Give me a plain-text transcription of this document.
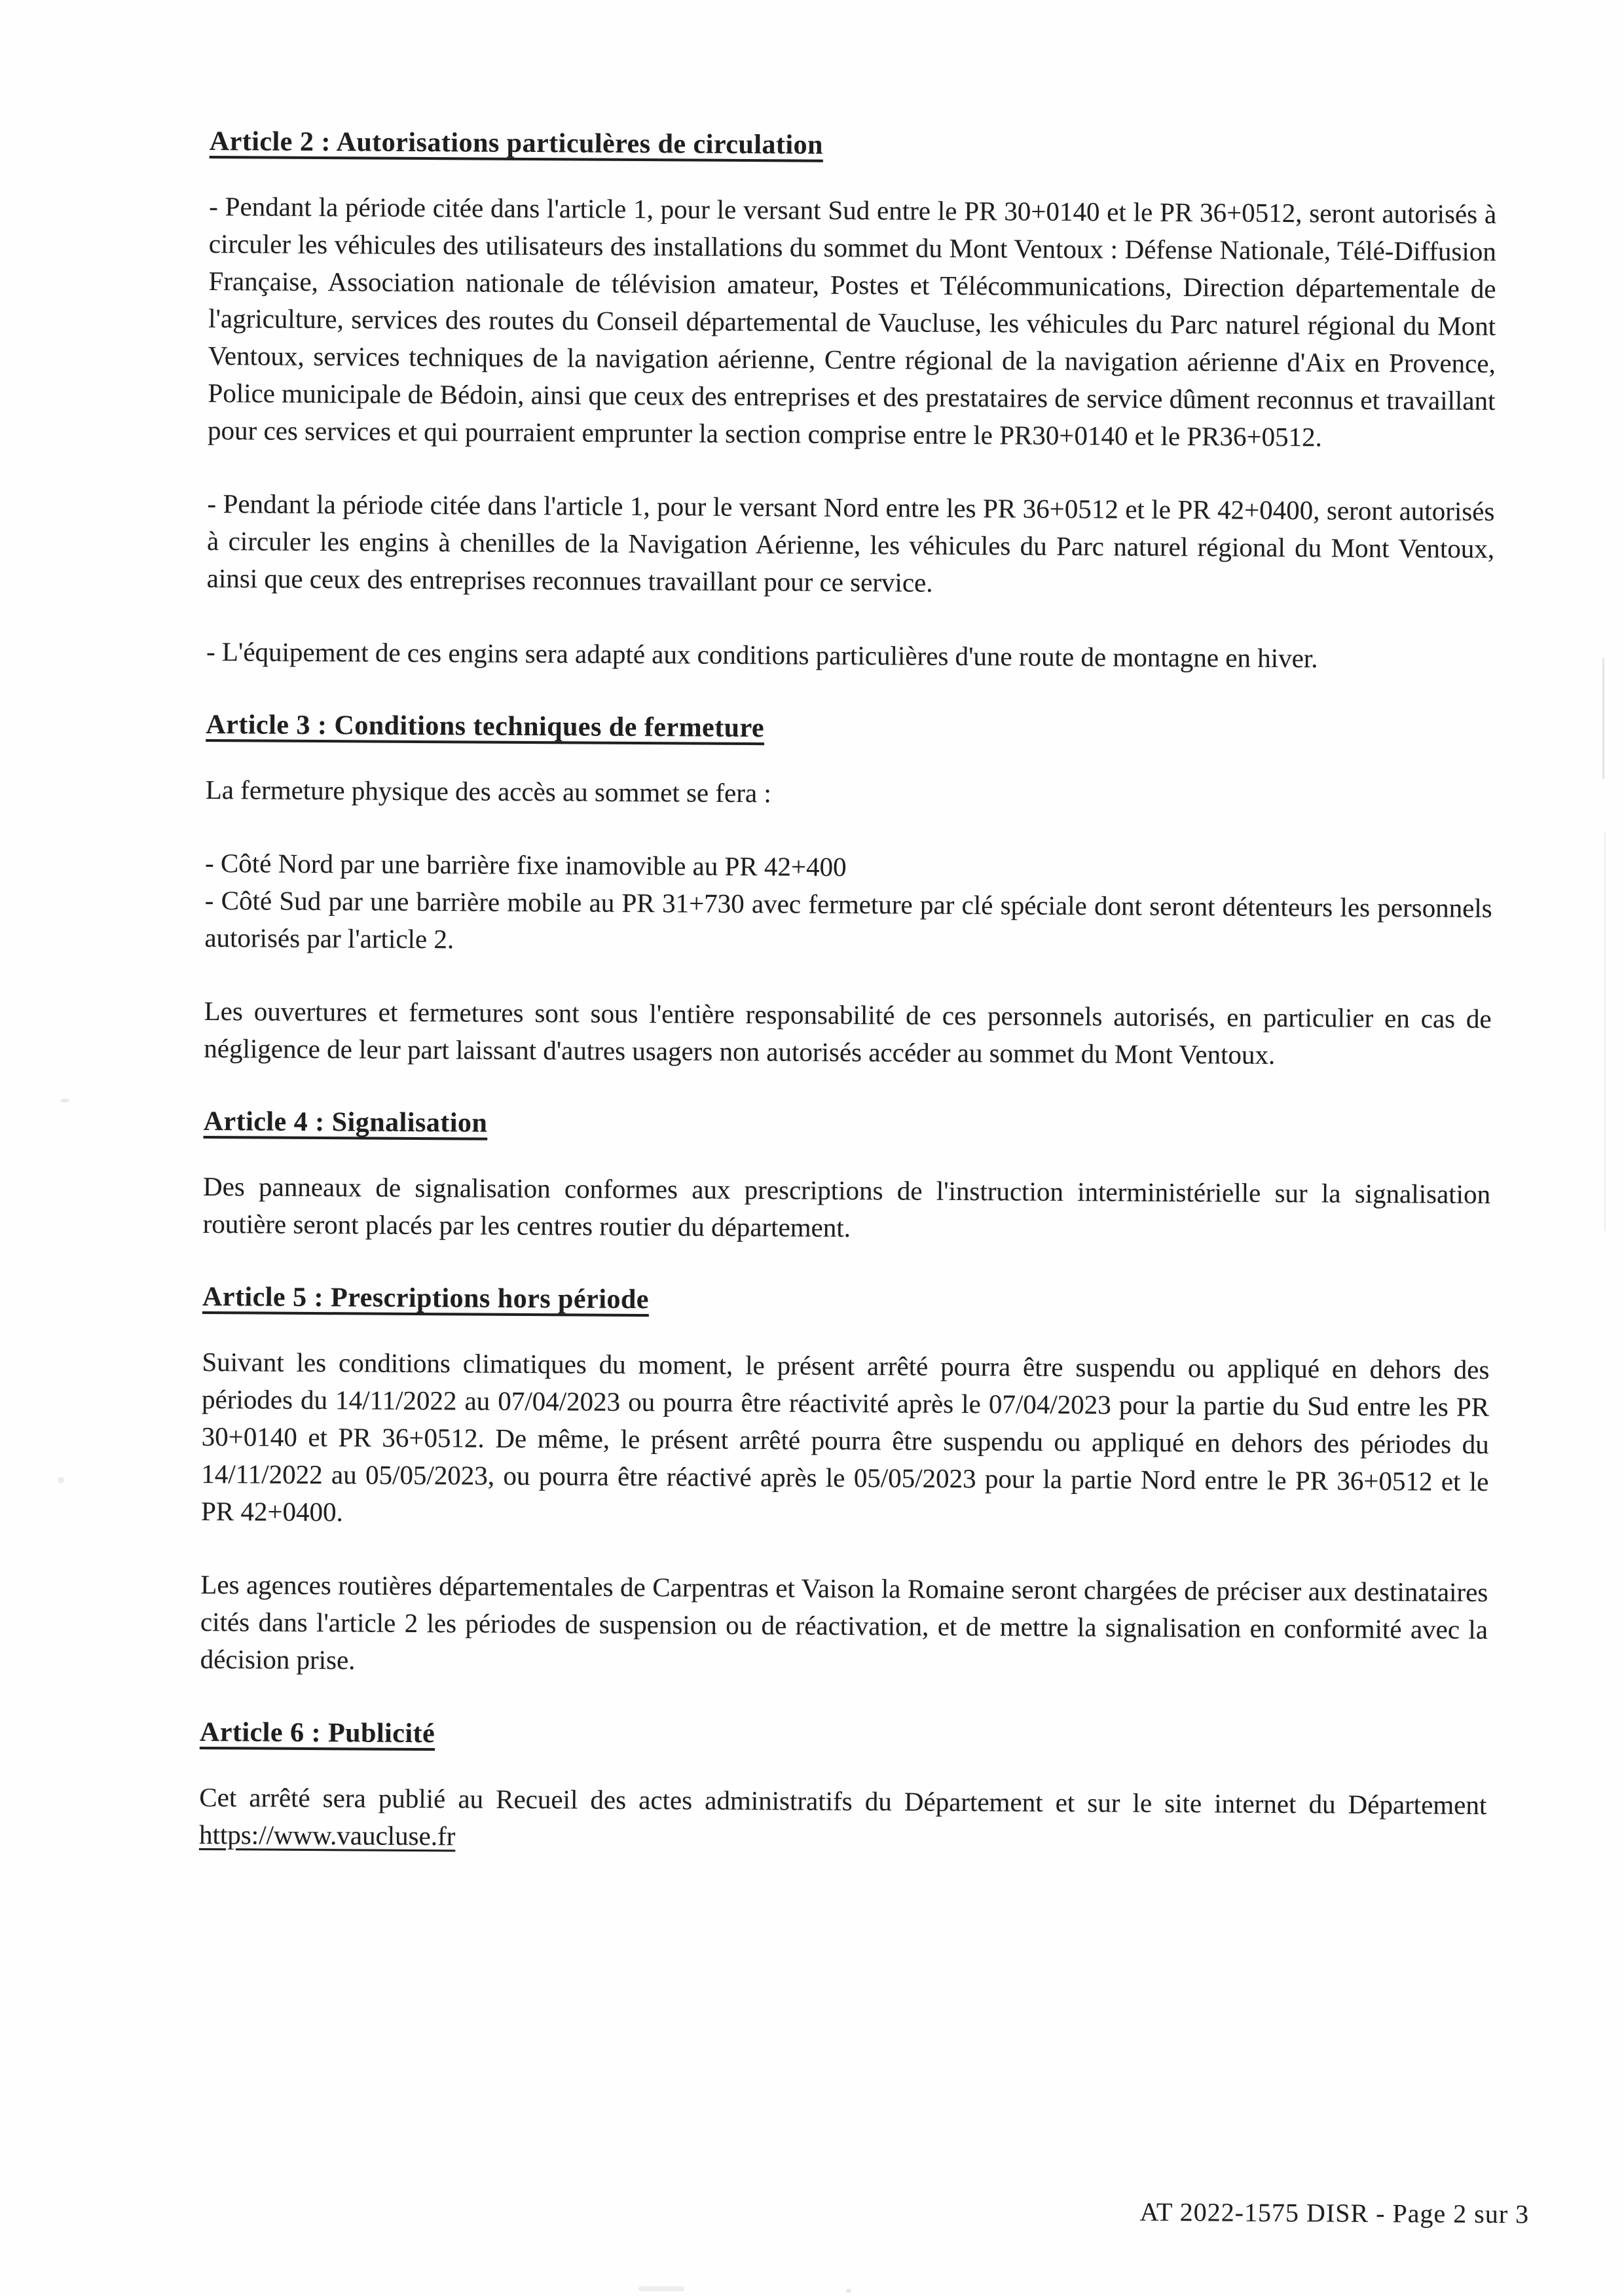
Article 2 : Autorisations particulères de circulation

- Pendant la période citée dans l'article 1, pour le versant Sud entre le PR 30+0140 et le PR 36+0512, seront autorisés à circuler les véhicules des utilisateurs des installations du sommet du Mont Ventoux : Défense Nationale, Télé-Diffusion Française, Association nationale de télévision amateur, Postes et Télécommunications, Direction départementale de l'agriculture, services des routes du Conseil départemental de Vaucluse, les véhicules du Parc naturel régional du Mont Ventoux, services techniques de la navigation aérienne, Centre régional de la navigation aérienne d'Aix en Provence, Police municipale de Bédoin, ainsi que ceux des entreprises et des prestataires de service dûment reconnus et travaillant pour ces services et qui pourraient emprunter la section comprise entre le PR30+0140 et le PR36+0512.

- Pendant la période citée dans l'article 1, pour le versant Nord entre les PR 36+0512 et le PR 42+0400, seront autorisés à circuler les engins à chenilles de la Navigation Aérienne, les véhicules du Parc naturel régional du Mont Ventoux, ainsi que ceux des entreprises reconnues travaillant pour ce service.

- L'équipement de ces engins sera adapté aux conditions particulières d'une route de montagne en hiver.

Article 3 : Conditions techniques de fermeture

La fermeture physique des accès au sommet se fera :

- Côté Nord par une barrière fixe inamovible au PR 42+400

- Côté Sud par une barrière mobile au PR 31+730 avec fermeture par clé spéciale dont seront détenteurs les personnels autorisés par l'article 2.

Les ouvertures et fermetures sont sous l'entière responsabilité de ces personnels autorisés, en particulier en cas de négligence de leur part laissant d'autres usagers non autorisés accéder au sommet du Mont Ventoux.

Article 4 : Signalisation

Des panneaux de signalisation conformes aux prescriptions de l'instruction interministérielle sur la signalisation routière seront placés par les centres routier du département.

Article 5 : Prescriptions hors période

Suivant les conditions climatiques du moment, le présent arrêté pourra être suspendu ou appliqué en dehors des périodes du 14/11/2022 au 07/04/2023 ou pourra être réactivité après le 07/04/2023 pour la partie du Sud entre les PR 30+0140 et PR 36+0512. De même, le présent arrêté pourra être suspendu ou appliqué en dehors des périodes du 14/11/2022 au 05/05/2023, ou pourra être réactivé après le 05/05/2023 pour la partie Nord entre le PR 36+0512 et le PR 42+0400.

Les agences routières départementales de Carpentras et Vaison la Romaine seront chargées de préciser aux destinataires cités dans l'article 2 les périodes de suspension ou de réactivation, et de mettre la signalisation en conformité avec la décision prise.

Article 6 : Publicité

Cet arrêté sera publié au Recueil des actes administratifs du Département et sur le site internet du Département https://www.vaucluse.fr

AT 2022-1575 DISR - Page 2 sur 3
